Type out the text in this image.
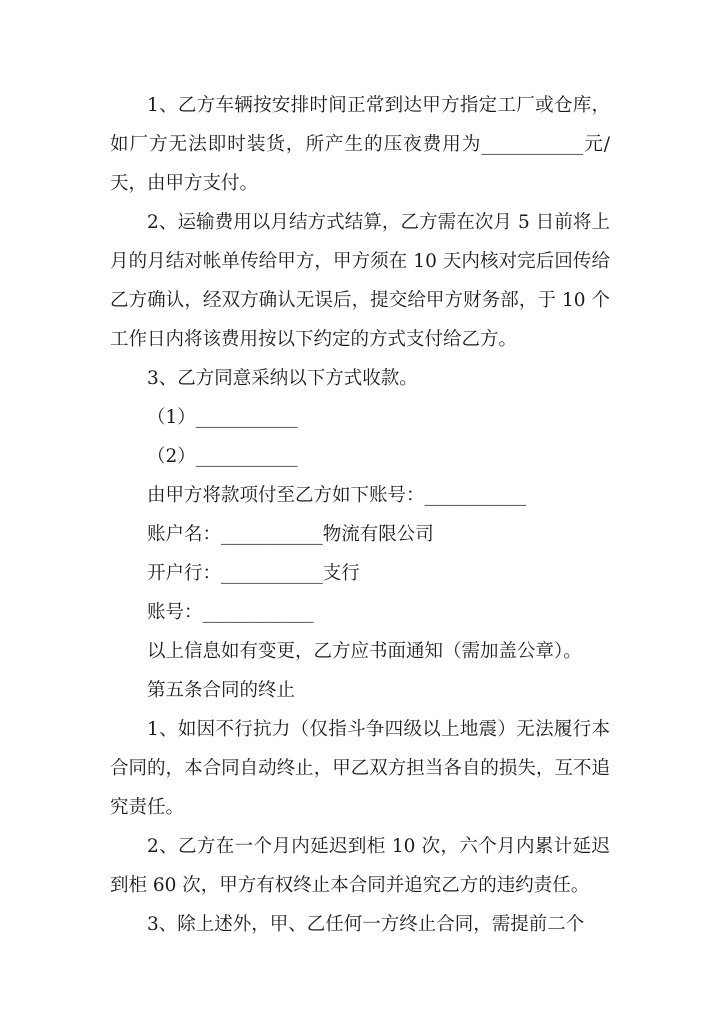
1、乙方车辆按安排时间正常到达甲方指定工厂或仓库，如厂方无法即时装货，所产生的压夜费用为___________元/天，由甲方支付。

2、运输费用以月结方式结算，乙方需在次月 5 日前将上月的月结对帐单传给甲方，甲方须在 10 天内核对完后回传给乙方确认，经双方确认无误后，提交给甲方财务部，于 10 个工作日内将该费用按以下约定的方式支付给乙方。

3、乙方同意采纳以下方式收款。

（1）___________

（2）___________

由甲方将款项付至乙方如下账号：___________

账户名：___________物流有限公司

开户行：___________支行

账号：____________

以上信息如有变更，乙方应书面通知（需加盖公章）。

第五条合同的终止

1、如因不行抗力（仅指斗争四级以上地震）无法履行本合同的，本合同自动终止，甲乙双方担当各自的损失，互不追究责任。

2、乙方在一个月内延迟到柜 10 次，六个月内累计延迟到柜 60 次，甲方有权终止本合同并追究乙方的违约责任。

3、除上述外，甲、乙任何一方终止合同，需提前二个
